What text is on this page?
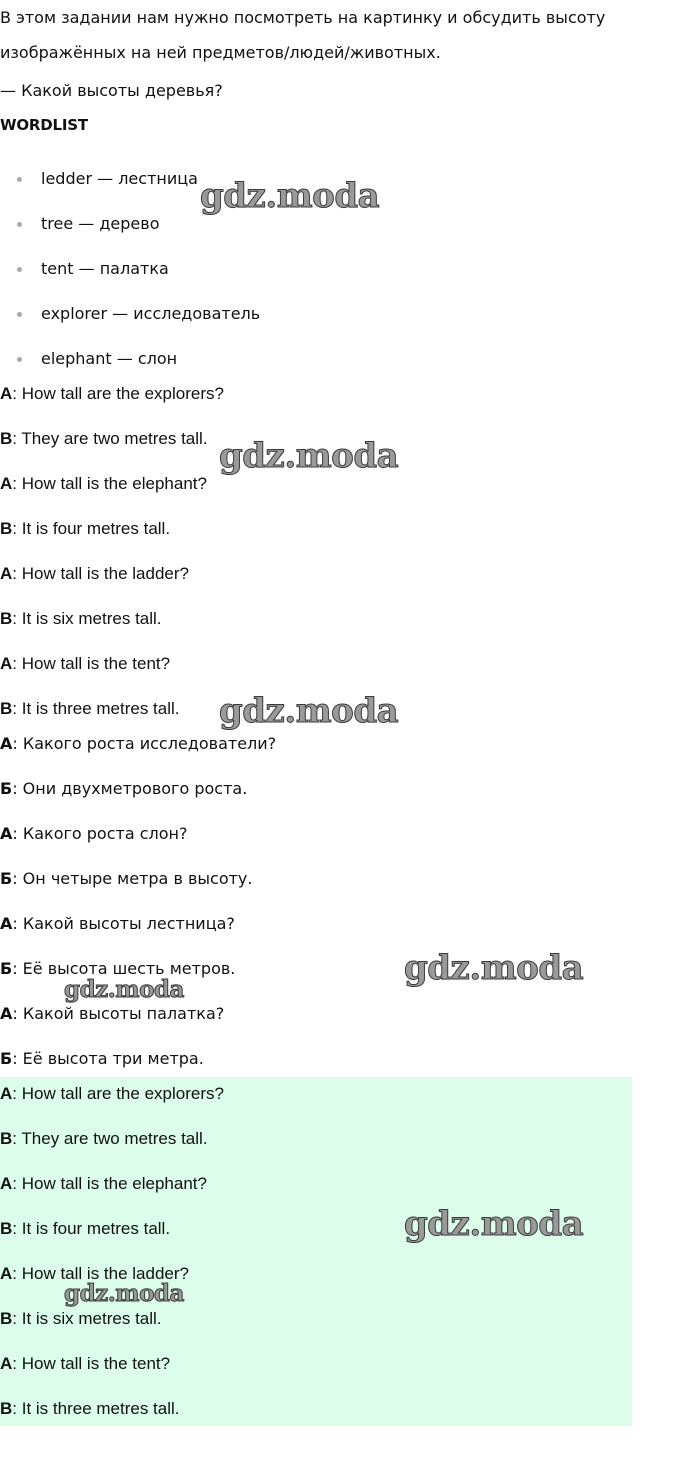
В этом задании нам нужно посмотреть на картинку и обсудить высоту
изображённых на ней предметов/людей/животных.

— Какой высоты деревья?

WORDLIST

ledder — лестница
tree — дерево
tent — палатка
explorer — исследователь
elephant — слон
A: How tall are the explorers?
B: They are two metres tall.
A: How tall is the elephant?
B: It is four metres tall.
A: How tall is the ladder?
B: It is six metres tall.
A: How tall is the tent?
B: It is three metres tall.
А: Какого роста исследователи?
Б: Они двухметрового роста.
А: Какого роста слон?
Б: Он четыре метра в высоту.
А: Какой высоты лестница?
Б: Её высота шесть метров.
А: Какой высоты палатка?
Б: Её высота три метра.
A: How tall are the explorers?
B: They are two metres tall.
A: How tall is the elephant?
B: It is four metres tall.
A: How tall is the ladder?
B: It is six metres tall.
A: How tall is the tent?
B: It is three metres tall.
gdz.moda
gdz.moda
gdz.moda
gdz.moda
gdz.moda
gdz.moda
gdz.moda
